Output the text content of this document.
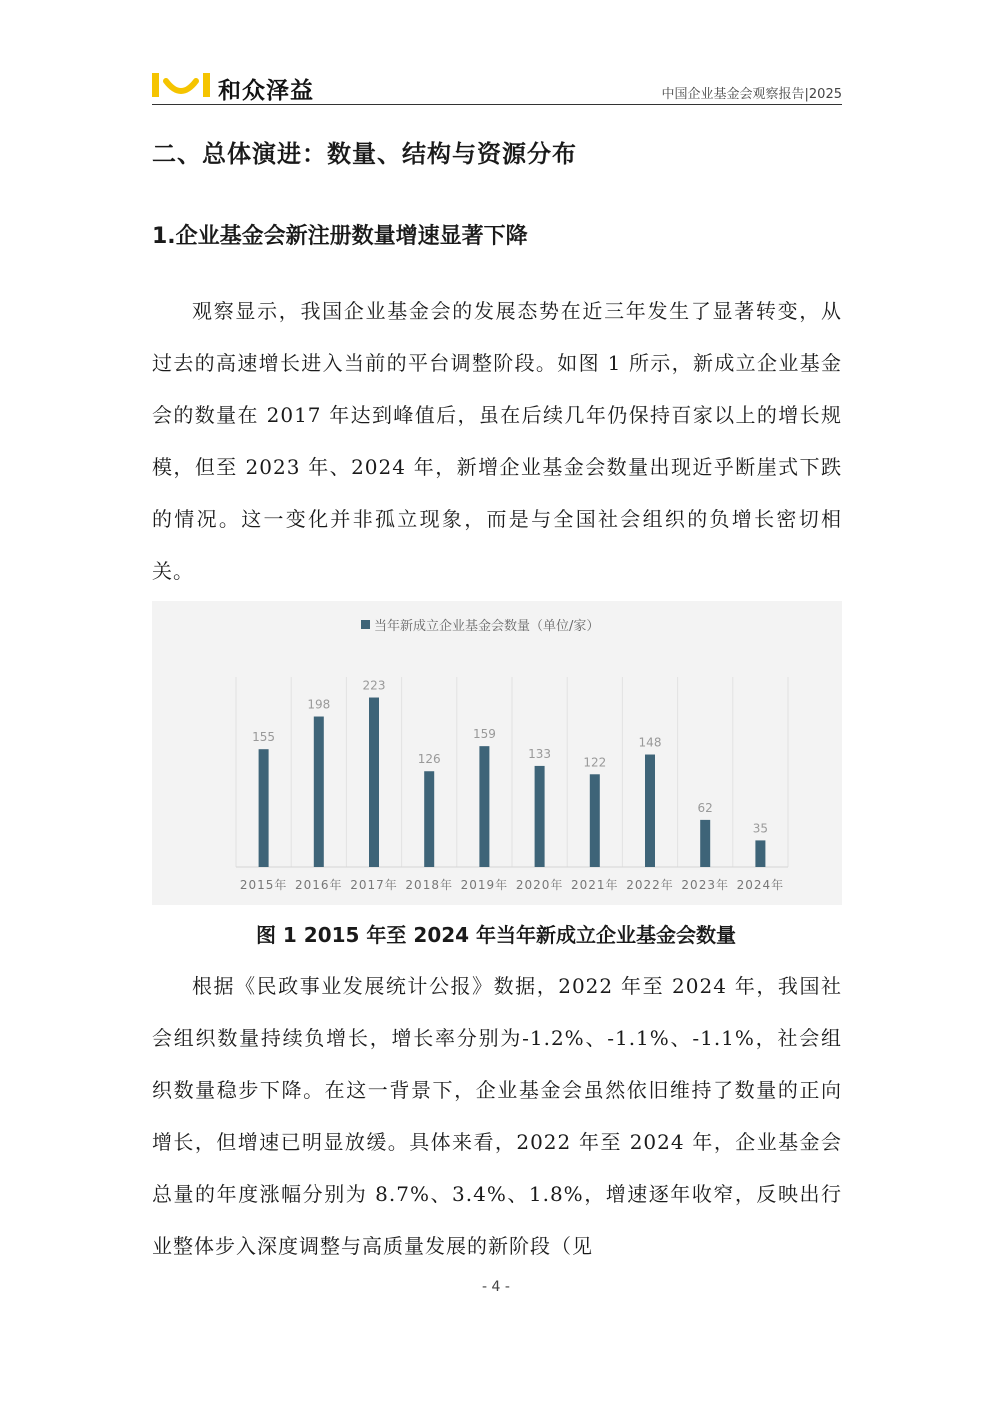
和众泽益	中国企业基金会观察报告|2025
二、总体演进：数量、结构与资源分布
1.企业基金会新注册数量增速显著下降

观察显示，我国企业基金会的发展态势在近三年发生了显著转变，从过去的高速增长进入当前的平台调整阶段。如图 1 所示，新成立企业基金会的数量在 2017 年达到峰值后，虽在后续几年仍保持百家以上的增长规模，但至 2023 年、2024 年，新增企业基金会数量出现近乎断崖式下跌的情况。这一变化并非孤立现象，而是与全国社会组织的负增长密切相关。

当年新成立企业基金会数量（单位/家）
155
198
223
126
159
133
122
148
62
35
2015年 2016年 2017年 2018年 2019年 2020年 2021年 2022年 2023年 2024年
图 1 2015 年至 2024 年当年新成立企业基金会数量

根据《民政事业发展统计公报》数据，2022 年至 2024 年，我国社会组织数量持续负增长，增长率分别为-1.2%、-1.1%、-1.1%，社会组织数量稳步下降。在这一背景下，企业基金会虽然依旧维持了数量的正向增长，但增速已明显放缓。具体来看，2022 年至 2024 年，企业基金会总量的年度涨幅分别为 8.7%、3.4%、1.8%，增速逐年收窄，反映出行业整体步入深度调整与高质量发展的新阶段（见

- 4 -
